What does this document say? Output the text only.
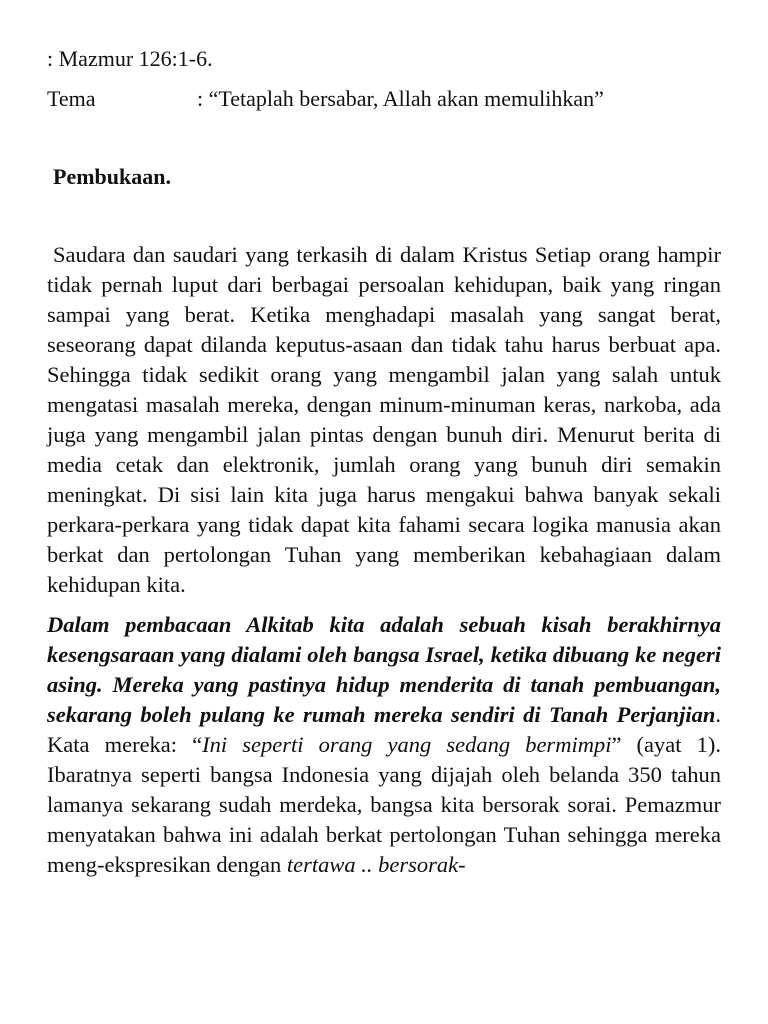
: Mazmur 126:1-6.

Tema	: “Tetaplah bersabar, Allah akan memulihkan”

Pembukaan.

Saudara dan saudari yang terkasih di dalam Kristus Setiap orang hampir tidak pernah luput dari berbagai persoalan kehidupan, baik yang ringan sampai yang berat. Ketika menghadapi masalah yang sangat berat, seseorang dapat dilanda keputus-asaan dan tidak tahu harus berbuat apa. Sehingga tidak sedikit orang yang mengambil jalan yang salah untuk mengatasi masalah mereka, dengan minum-minuman keras, narkoba, ada juga yang mengambil jalan pintas dengan bunuh diri. Menurut berita di media cetak dan elektronik, jumlah orang yang bunuh diri semakin meningkat. Di sisi lain kita juga harus mengakui bahwa banyak sekali perkara-perkara yang tidak dapat kita fahami secara logika manusia akan berkat dan pertolongan Tuhan yang memberikan kebahagiaan dalam kehidupan kita.

Dalam pembacaan Alkitab kita adalah sebuah kisah berakhirnya kesengsaraan yang dialami oleh bangsa Israel, ketika dibuang ke negeri asing. Mereka yang pastinya hidup menderita di tanah pembuangan, sekarang boleh pulang ke rumah mereka sendiri di Tanah Perjanjian. Kata mereka: “Ini seperti orang yang sedang bermimpi” (ayat 1). Ibaratnya seperti bangsa Indonesia yang dijajah oleh belanda 350 tahun lamanya sekarang sudah merdeka, bangsa kita bersorak sorai. Pemazmur menyatakan bahwa ini adalah berkat pertolongan Tuhan sehingga mereka meng-ekspresikan dengan tertawa .. bersorak-
